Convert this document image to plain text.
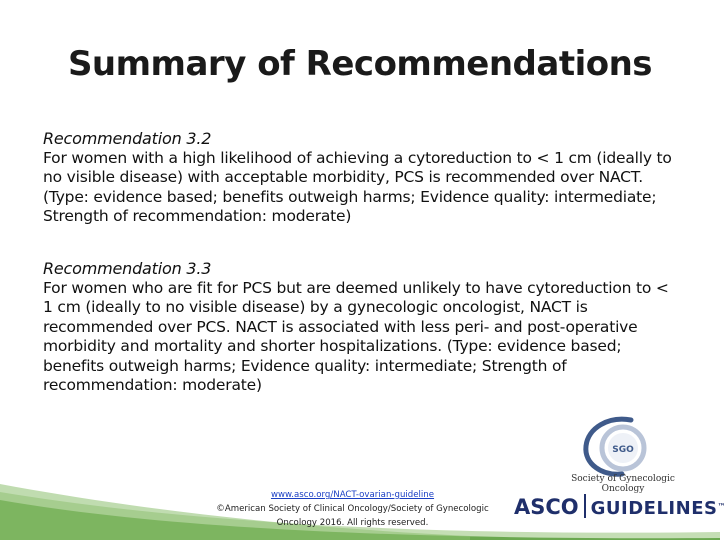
Summary of Recommendations
Recommendation 3.2
For women with a high likelihood of achieving a cytoreduction to < 1 cm (ideally to no visible disease) with acceptable morbidity, PCS is recommended over NACT. (Type: evidence based; benefits outweigh harms; Evidence quality: intermediate; Strength of recommendation: moderate)
Recommendation 3.3
For women who are fit for PCS but are deemed unlikely to have cytoreduction to < 1 cm (ideally to no visible disease) by a gynecologic oncologist, NACT is recommended over PCS. NACT is associated with less peri- and post-operative morbidity and mortality and shorter hospitalizations. (Type: evidence based; benefits outweigh harms; Evidence quality: intermediate; Strength of recommendation: moderate)
www.asco.org/NACT-ovarian-guideline
©American Society of Clinical Oncology/Society of Gynecologic Oncology 2016. All rights reserved.
SGO
Society of Gynecologic Oncology
ASCO GUIDELINES™
